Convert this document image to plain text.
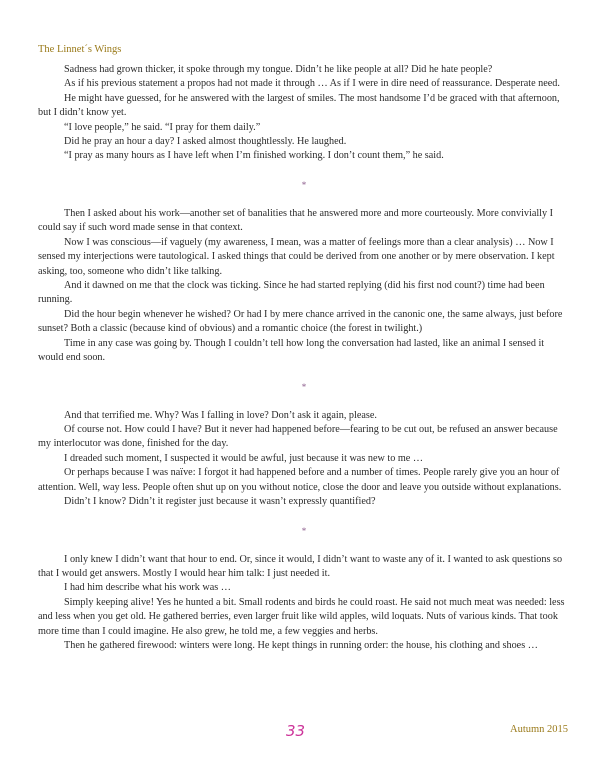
The Linnet´s Wings

Sadness had grown thicker, it spoke through my tongue. Didn’t he like people at all? Did he hate people?

As if his previous statement a propos had not made it through … As if I were in dire need of reassurance. Desperate need.

He might have guessed, for he answered with the largest of smiles. The most handsome I’d be graced with that afternoon, but I didn’t know yet.

“I love people,” he said. “I pray for them daily.”

Did he pray an hour a day? I asked almost thoughtlessly. He laughed.

“I pray as many hours as I have left when I’m finished working. I don’t count them,” he said.

*

Then I asked about his work—another set of banalities that he answered more and more courteously. More convivially I could say if such word made sense in that context.

Now I was conscious—if vaguely (my awareness, I mean, was a matter of feelings more than a clear analysis) … Now I sensed my interjections were tautological. I asked things that could be derived from one another or by mere observation. I kept asking, too, someone who didn’t like talking.

And it dawned on me that the clock was ticking. Since he had started replying (did his first nod count?) time had been running.

Did the hour begin whenever he wished? Or had I by mere chance arrived in the canonic one, the same always, just before sunset? Both a classic (because kind of obvious) and a romantic choice (the forest in twilight.)

Time in any case was going by. Though I couldn’t tell how long the conversation had lasted, like an animal I sensed it would end soon.

*

And that terrified me. Why? Was I falling in love? Don’t ask it again, please.

Of course not. How could I have? But it never had happened before—fearing to be cut out, be refused an answer because my interlocutor was done, finished for the day.

I dreaded such moment, I suspected it would be awful, just because it was new to me …

Or perhaps because I was naïve: I forgot it had happened before and a number of times. People rarely give you an hour of attention. Well, way less. People often shut up on you without notice, close the door and leave you outside without explanations.

Didn’t I know? Didn’t it register just because it wasn’t expressly quantified?

*

I only knew I didn’t want that hour to end. Or, since it would, I didn’t want to waste any of it. I wanted to ask questions so that I would get answers. Mostly I would hear him talk: I just needed it.

I had him describe what his work was …

Simply keeping alive! Yes he hunted a bit. Small rodents and birds he could roast. He said not much meat was needed: less and less when you get old. He gathered berries, even larger fruit like wild apples, wild loquats. Nuts of various kinds. That took more time than I could imagine. He also grew, he told me, a few veggies and herbs.

Then he gathered firewood: winters were long. He kept things in running order: the house, his clothing and shoes …

33	Autumn 2015
